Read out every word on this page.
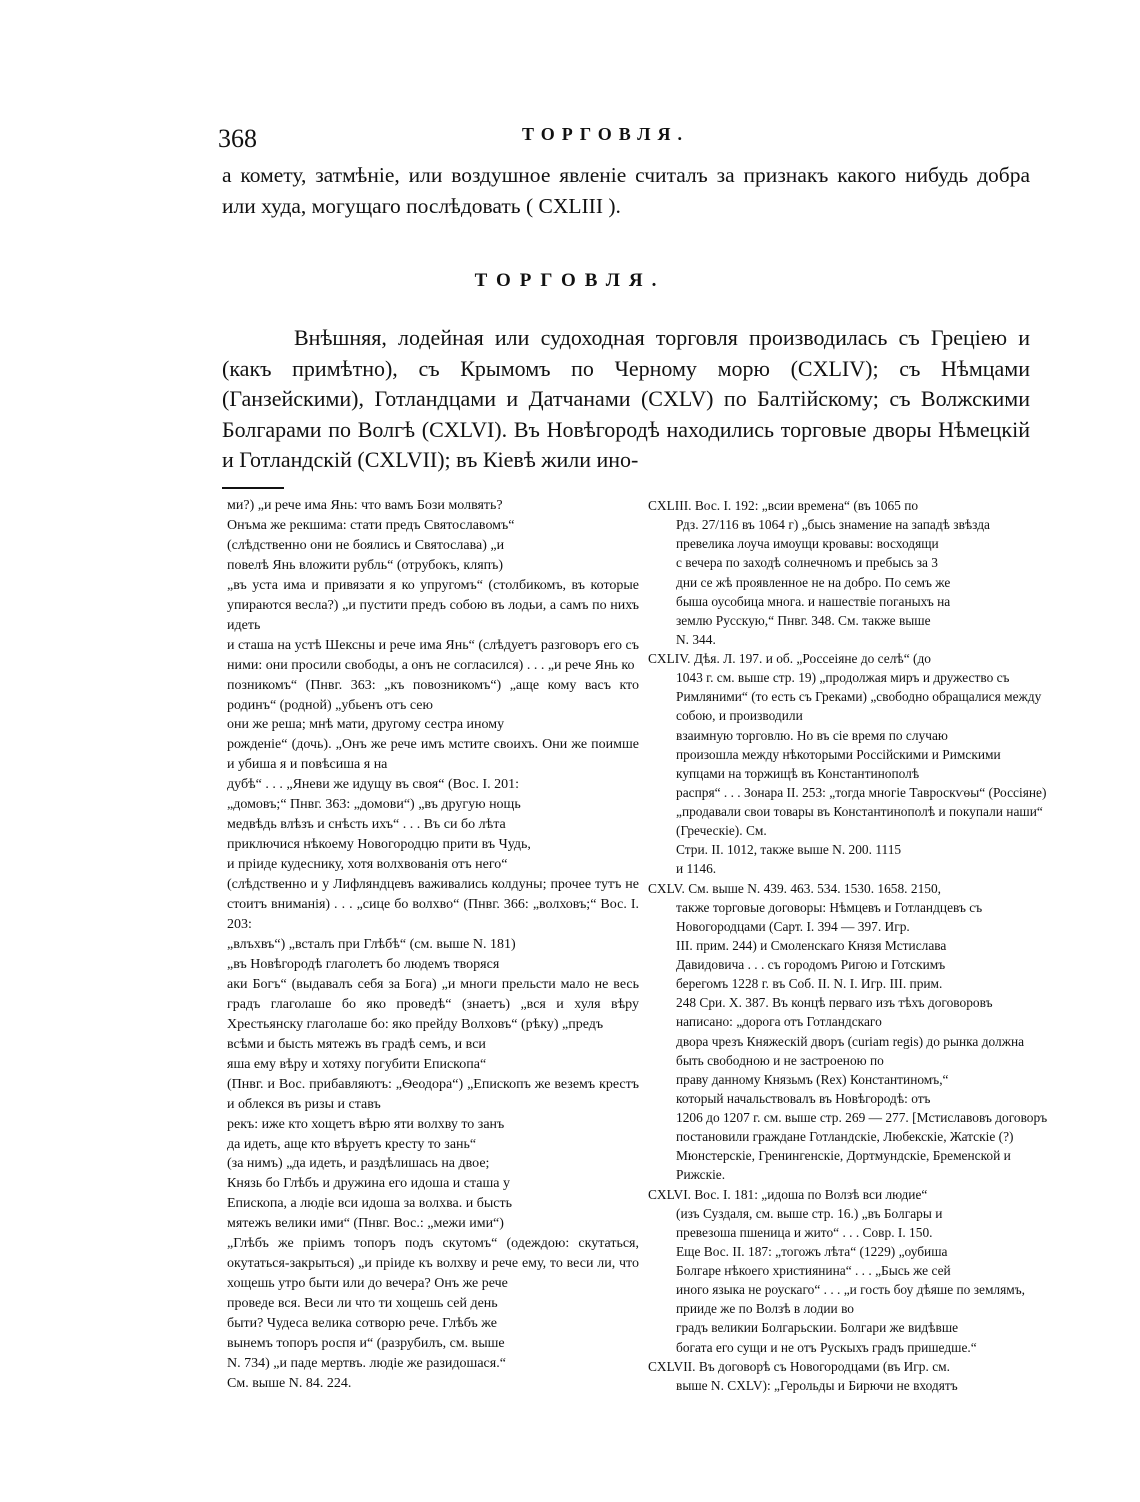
368	ТОРГОВЛЯ.
а комету, затмѣніе, или воздушное явленіе считалъ за признакъ какого нибудь добра или худа, могущаго послѣдовать ( CXLIII ).
ТОРГОВЛЯ.

Внѣшняя, лодейная или судоходная торговля производилась съ Греціею и (какъ примѣтно), съ Крымомъ по Черному морю (CXLIV); съ Нѣмцами (Ганзейскими), Готландцами и Датчанами (CXLV) по Балтійскому; съ Волжскими Болгарами по Волгѣ (CXLVI). Въ Новѣгородѣ находились торговые дворы Нѣмецкій и Готландскій (CXLVII); въ Кіевѣ жили ино-

ми?) „и рече има Янь: что вамъ Бози молвять?
Онъма же рекшима: стати предъ Святославомъ“
(слѣдственно они не боялись и Святослава) „и
повелѣ Янь вложити рубль“ (отрубокъ, кляпъ)
„въ уста има и привязати я ко упругомъ“ (столбикомъ, въ которые упираются весла?) „и пустити предъ собою въ лодьи, а самъ по нихъ идеть
и сташа на устѣ Шексны и рече има Янь“ (слѣдуетъ разговоръ его съ ними: они просили свободы, а онъ не согласился) . . . „и рече Янь ко
позникомъ“ (Пнвг. 363: „къ повозникомъ“) „аще кому васъ кто родинъ“ (родной) „убьенъ отъ сею
они же реша; мнѣ мати, другому сестра иному
рожденіе“ (дочь). „Онъ же рече имъ мстите своихъ. Они же поимше и убиша я и повѣсиша я на
дубѣ“ . . . „Яневи же идущу въ своя“ (Вос. I. 201:
„домовъ;“ Пнвг. 363: „домови“) „въ другую нощь
медвѣдь влѣзъ и снѣсть ихъ“ . . . Въ си бо лѣта
приключися нѣкоему Новогородцю прити въ Чудь,
и пріиде кудеснику, хотя волхвованія отъ него“
(слѣдственно и у Лифляндцевъ важивались колдуны; прочее тутъ не стоитъ вниманія) . . . „сице бо волхво“ (Пнвг. 366: „волховъ;“ Вос. I. 203:
„влъхвъ“) „всталъ при Глѣбѣ“ (см. выше N. 181)
„въ Новѣгородѣ глаголетъ бо людемъ творяся
аки Богъ“ (выдавалъ себя за Бога) „и многи прельсти мало не весь градъ глаголаше бо яко проведѣ“ (знаетъ) „вся и хуля вѣру Хрестьянску глаголаше бо: яко прейду Волховъ“ (рѣку) „предъ
всѣми и бысть мятежъ въ градѣ семъ, и вси
яша ему вѣру и хотяху погубити Епископа“
(Пнвг. и Вос. прибавляютъ: „Ѳеодора“) „Епископъ же веземъ крестъ и облекся въ ризы и ставъ
рекъ: иже кто хощетъ вѣрю яти волхву то занъ
да идеть, аще кто вѣруетъ кресту то зань“
(за нимъ) „да идеть, и раздѣлишась на двое;
Князь бо Глѣбъ и дружина его идоша и сташа у
Епископа, а людіе вси идоша за волхва. и бысть
мятежъ велики ими“ (Пнвг. Вос.: „межи ими“)
„Глѣбъ же прiимъ топоръ подъ скутомъ“ (одеждою: скутаться, окутаться-закрыться) „и пріиде къ волхву и рече ему, то веси ли, что хощешь утро быти или до вечера? Онъ же рече
проведе вся. Веси ли что ти хощешь сей день
быти? Чудеса велика сотворю рече. Глѣбъ же
вынемъ топоръ роспя и“ (разрубилъ, см. выше
N. 734) „и паде мертвъ. людіе же разидошася.“
См. выше N. 84. 224.
CXLIII. Вос. I. 192: „всии времена“ (въ 1065 по
Рдз. 27/116 въ 1064 г) „бысь знамение на западѣ звѣзда превелика лоуча имоущи кровавы: восходящи
с вечера по заходѣ солнечномъ и пребысь за 3
дни се жѣ проявленное не на добро. По семъ же
быша оусобица многа. и нашествіе поганыхъ на
землю Русскую,“ Пнвг. 348. См. также выше
N. 344.
CXLIV. Дѣя. Л. 197. и об. „Россеiяне до селѣ“ (до
1043 г. см. выше стр. 19) „продолжая миръ и дружество съ Римляними“ (то есть съ Греками) „свободно обращалися между собою, и производили
взаимную торговлю. Но въ сіе время по случаю
произошла между нѣкоторыми Россійскими и Римскими купцами на торжищѣ въ Константинополѣ
распря“ . . . Зонара II. 253: „тогда многіе Тавроскѵѳы“ (Россіяне) „продавали свои товары въ Константинополѣ и покупали наши“ (Греческіе). См.
Стри. II. 1012, также выше N. 200. 1115
и 1146.
CXLV. См. выше N. 439. 463. 534. 1530. 1658. 2150,
также торговые договоры: Нѣмцевъ и Готландцевъ съ Новогородцами (Сарт. I. 394 — 397. Игр.
III. прим. 244) и Смоленскаго Князя Мстислава
Давидовича . . . съ городомъ Ригою и Готскимъ
берегомъ 1228 г. въ Соб. II. N. I. Игр. III. прим.
248 Сри. X. 387. Въ концѣ перваго изъ тѣхъ договоровъ написано: „дорога отъ Готландскаго
двора чрезъ Княжескій дворъ (curiam regis) до рынка должна быть свободною и не застроеною по
праву данному Князьмъ (Rex) Константиномъ,“
который начальствовалъ въ Новѣгородѣ: отъ
1206 до 1207 г. см. выше стр. 269 — 277. [Мстиславовъ договоръ постановили граждане Готландскіе, Любекскіе, Жатскіе (?) Мюнстерскіе, Гренингенскіе, Дортмундскіе, Бременской и Рижскіе.
CXLVI. Вос. I. 181: „идоша по Волзѣ вси людие“
(изъ Суздаля, см. выше стр. 16.) „въ Болгары и
превезоша пшеница и жито“ . . . Совр. I. 150.
Еще Вос. II. 187: „тогожъ лѣта“ (1229) „оубиша
Болгаре нѣкоего християнина“ . . . „Бысь же сей
иного языка не роускаго“ . . . „и гость боу дѣяше по землямъ, прииде же по Волзѣ в лодии во
градъ великии Болгарьскии. Болгари же видѣвше
богата его сущи и не отъ Рускыхъ градъ пришедше.“
CXLVII. Въ договорѣ съ Новогородцами (въ Игр. см.
выше N. CXLV): „Герольды и Бирючи не входятъ
